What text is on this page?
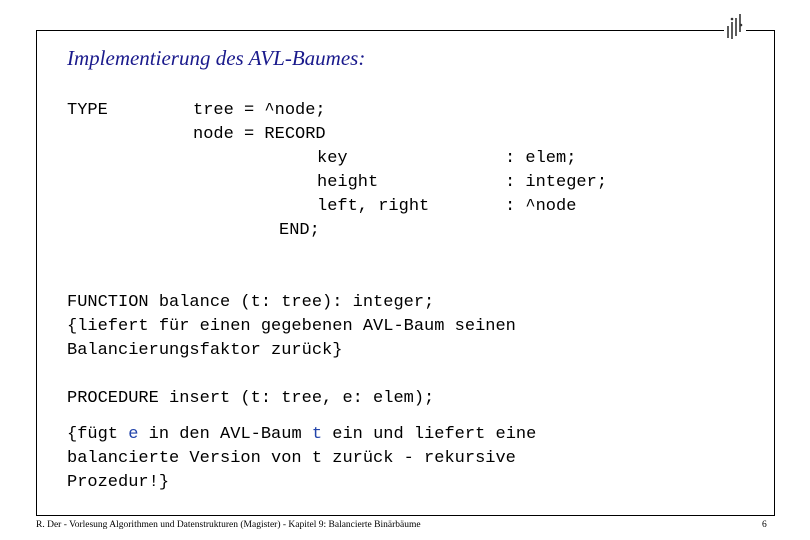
Implementierung des AVL-Baumes:
TYPE	tree = ^node;
node = RECORD
key	: elem;
height	: integer;
left, right	: ^node
END;
FUNCTION balance (t: tree): integer;
{liefert für einen gegebenen AVL-Baum seinen
Balancierungsfaktor zurück}
PROCEDURE insert (t: tree, e: elem);
{fügt e in den AVL-Baum t ein und liefert eine
balancierte Version von t zurück - rekursive
Prozedur!}
R. Der - Vorlesung Algorithmen und Datenstrukturen (Magister) - Kapitel 9: Balancierte Binärbäume	6
